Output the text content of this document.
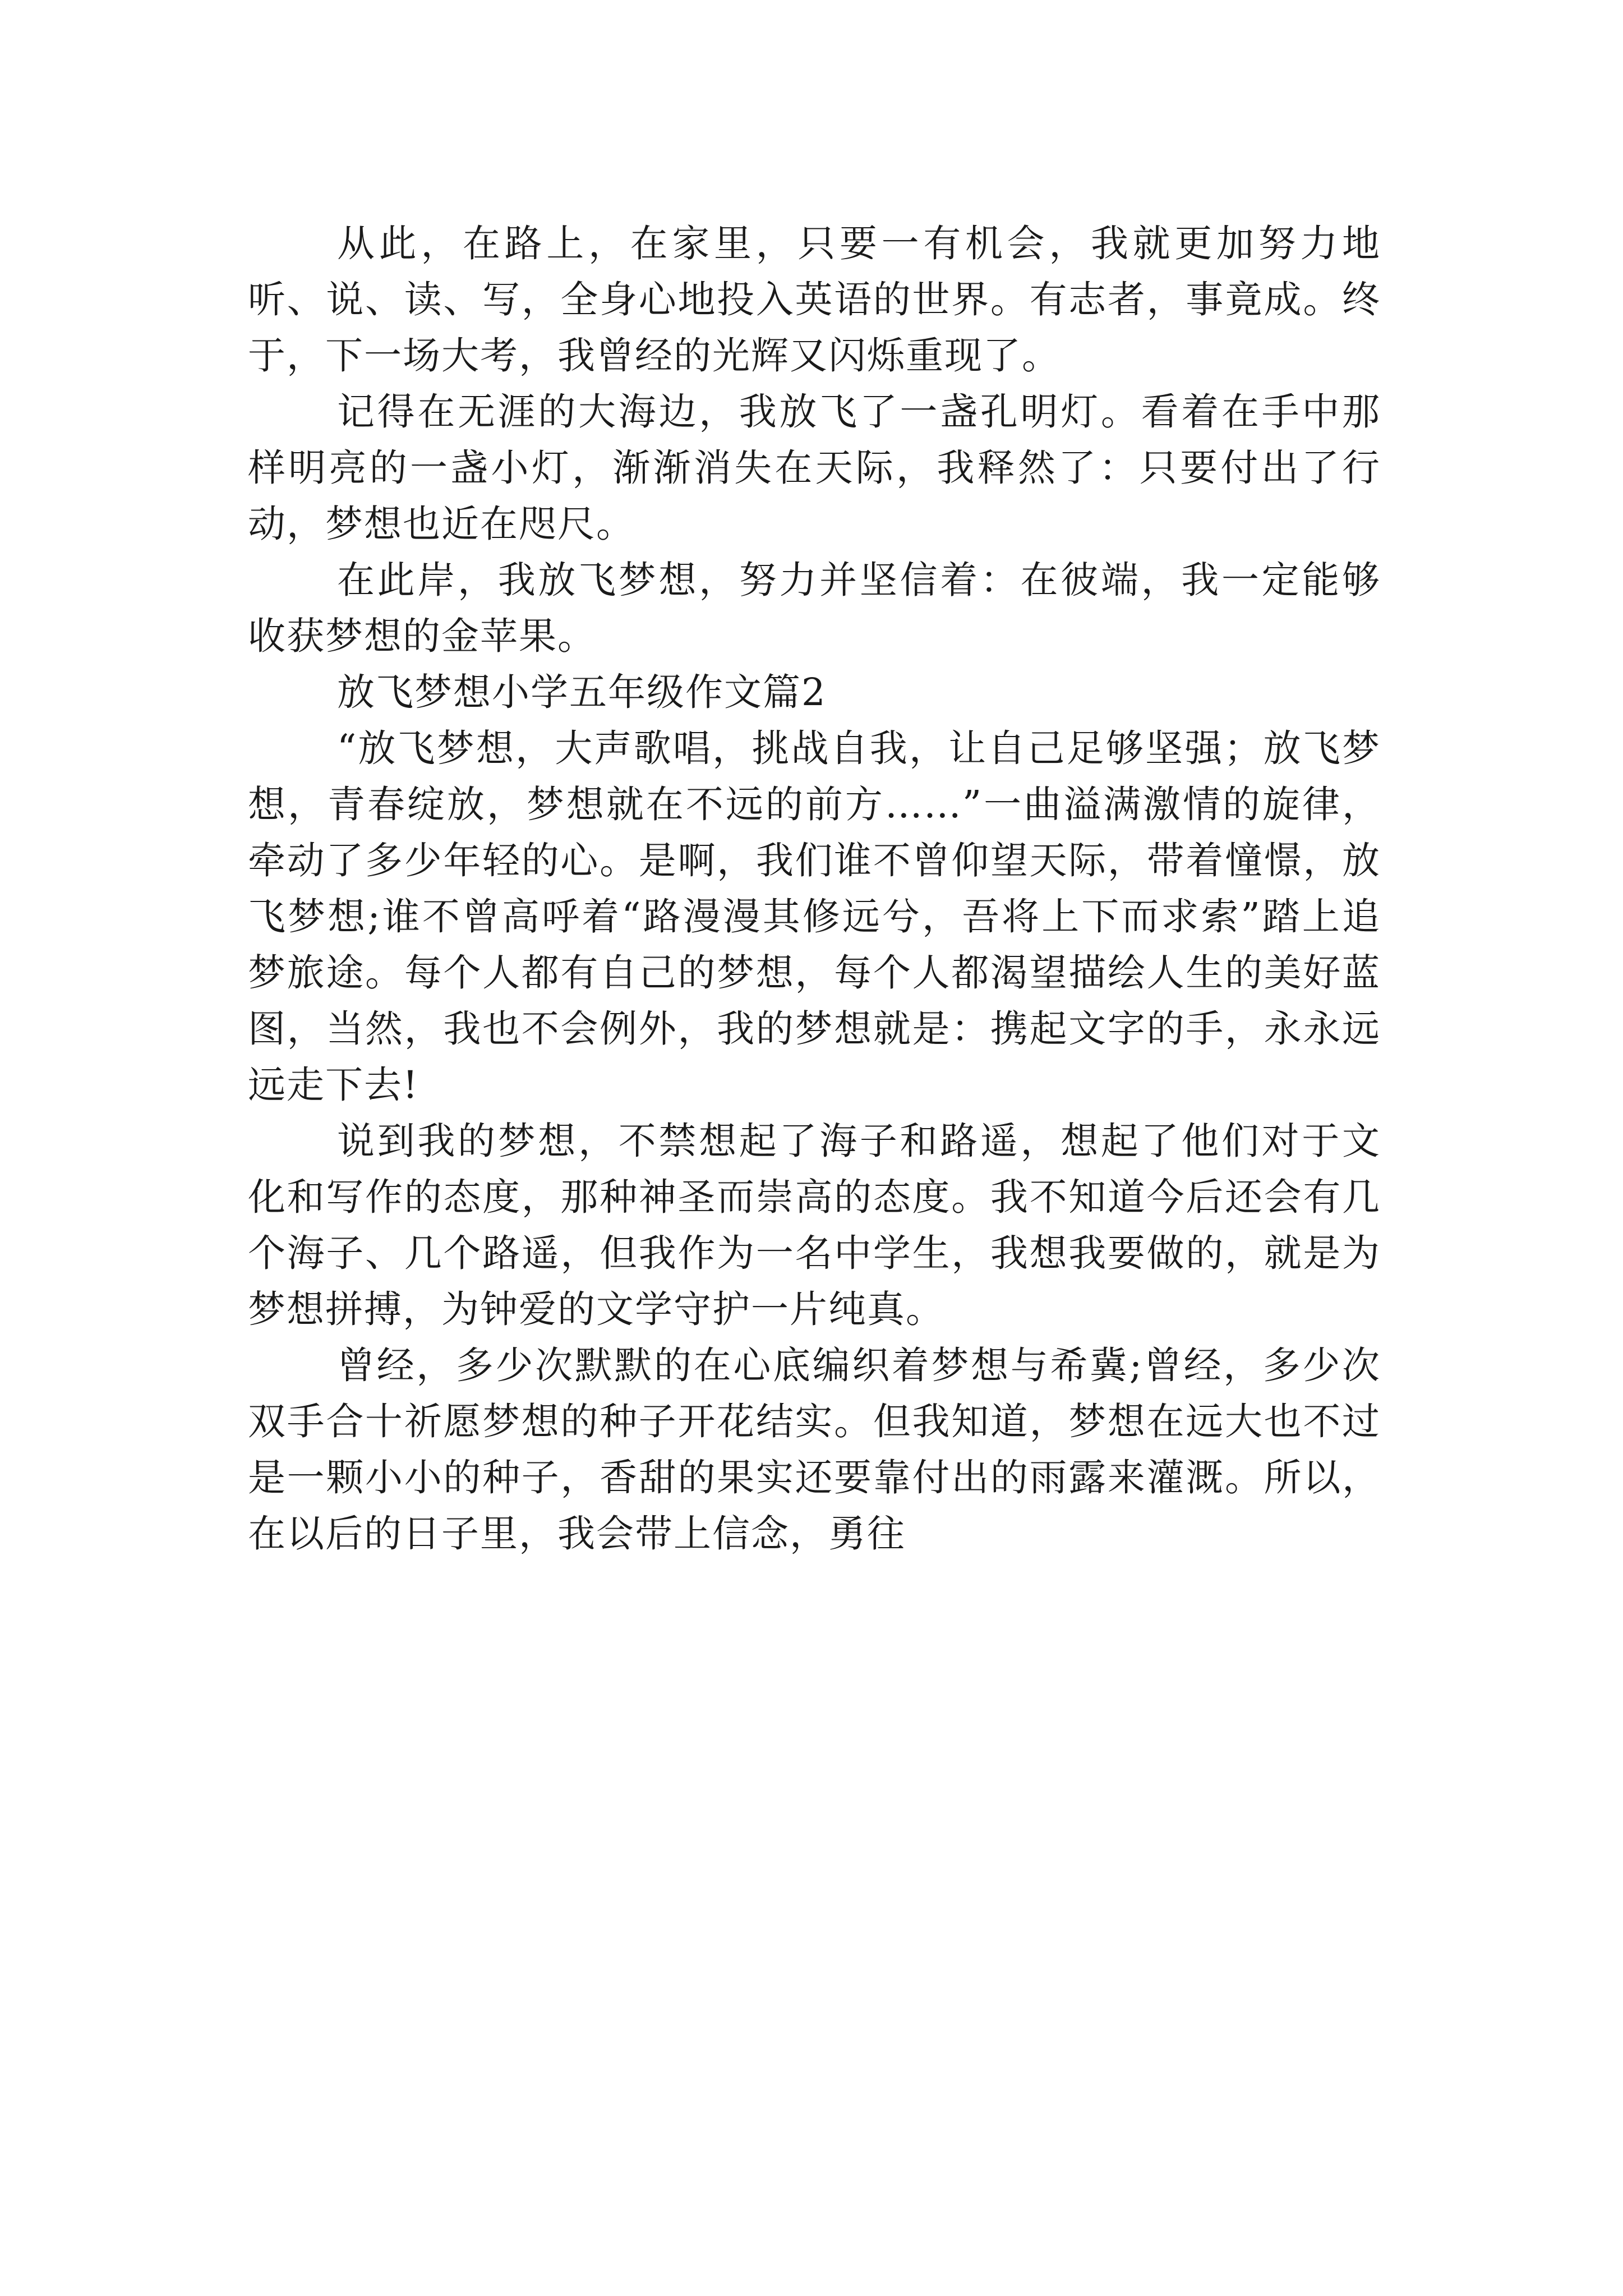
从此，在路上，在家里，只要一有机会，我就更加努力地听、说、读、写，全身心地投入英语的世界。有志者，事竟成。终于，下一场大考，我曾经的光辉又闪烁重现了。

记得在无涯的大海边，我放飞了一盏孔明灯。看着在手中那样明亮的一盏小灯，渐渐消失在天际，我释然了：只要付出了行动，梦想也近在咫尺。

在此岸，我放飞梦想，努力并坚信着：在彼端，我一定能够收获梦想的金苹果。

放飞梦想小学五年级作文篇2

“放飞梦想，大声歌唱，挑战自我，让自己足够坚强；放飞梦想，青春绽放，梦想就在不远的前方……”一曲溢满激情的旋律，牵动了多少年轻的心。是啊，我们谁不曾仰望天际，带着憧憬，放飞梦想;谁不曾高呼着“路漫漫其修远兮，吾将上下而求索”踏上追梦旅途。每个人都有自己的梦想，每个人都渴望描绘人生的美好蓝图，当然，我也不会例外，我的梦想就是：携起文字的手，永永远远走下去!

说到我的梦想，不禁想起了海子和路遥，想起了他们对于文化和写作的态度，那种神圣而崇高的态度。我不知道今后还会有几个海子、几个路遥，但我作为一名中学生，我想我要做的，就是为梦想拼搏，为钟爱的文学守护一片纯真。

曾经，多少次默默的在心底编织着梦想与希冀;曾经，多少次双手合十祈愿梦想的种子开花结实。但我知道，梦想在远大也不过是一颗小小的种子，香甜的果实还要靠付出的雨露来灌溉。所以，在以后的日子里，我会带上信念，勇往
